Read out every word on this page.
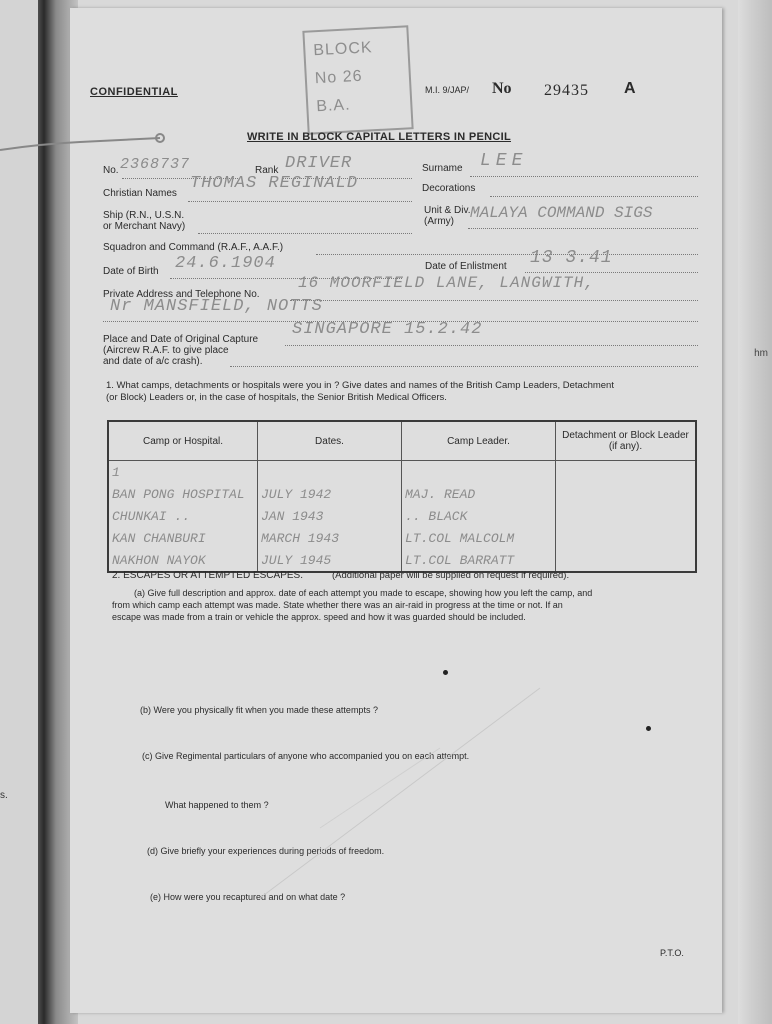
s.
hm
CONFIDENTIAL
BLOCK
No 26
B.A.
M.I. 9/JAP/ No 29435 A
WRITE IN BLOCK CAPITAL LETTERS IN PENCIL
No. 2368737	Rank DRIVER	Surname LEE
Christian Names
THOMAS REGINALD	Decorations
Ship (R.N., U.S.N.
or Merchant Navy)
Unit & Div.
(Army) MALAYA COMMAND SIGS
Squadron and Command (R.A.F., A.A.F.)
Date of Birth 24.6.1904	Date of Enlistment 13 3.41
Private Address and Telephone No.
16 MOORFIELD LANE, LANGWITH,
Nr MANSFIELD, NOTTS
Place and Date of Original Capture
(Aircrew R.A.F. to give place
and date of a/c crash).
SINGAPORE 15.2.42
1. What camps, detachments or hospitals were you in ? Give dates and names of the British Camp Leaders, Detachment
(or Block) Leaders or, in the case of hospitals, the Senior British Medical Officers.
Camp or Hospital.	Dates.	Camp Leader.	Detachment or Block Leader (if any).
1			
BAN PONG HOSPITAL	JULY 1942	MAJ. READ	
CHUNKAI ..	JAN 1943	.. BLACK	
KAN CHANBURI	MARCH 1943	LT.COL MALCOLM	
NAKHON NAYOK	JULY 1945	LT.COL BARRATT	
2. ESCAPES OR ATTEMPTED ESCAPES.	(Additional paper will be supplied on request if required).
(a) Give full description and approx. date of each attempt you made to escape, showing how you left the camp, and
from which camp each attempt was made. State whether there was an air-raid in progress at the time or not. If an
escape was made from a train or vehicle the approx. speed and how it was guarded should be included.
(b) Were you physically fit when you made these attempts ?
(c) Give Regimental particulars of anyone who accompanied you on each attempt.
What happened to them ?
(d) Give briefly your experiences during periods of freedom.
(e) How were you recaptured and on what date ?
P.T.O.
